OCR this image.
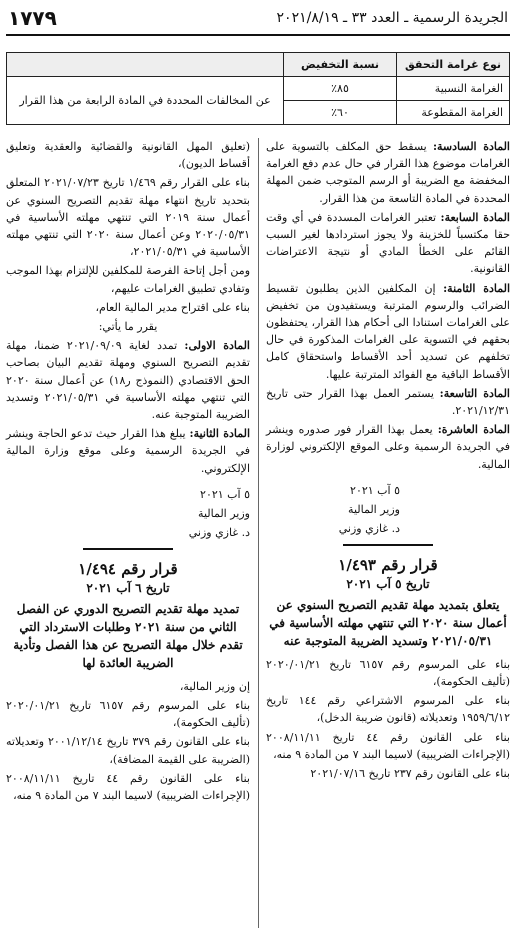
الجريدة الرسمية ـ العدد ٣٣ ـ ٢٠٢١/٨/١٩
١٧٧٩
نوع غرامة التحقق	نسبة التخفيض	
الغرامة النسبية	٨٥٪	عن المخالفات المحددة في المادة الرابعة من هذا القرار
الغرامة المقطوعة	٦٠٪	

المادة السادسة: يسقط حق المكلف بالتسوية على الغرامات موضوع هذا القرار في حال عدم دفع الغرامة المخفضة مع الضريبة أو الرسم المتوجب ضمن المهلة المحددة في المادة التاسعة من هذا القرار.

المادة السابعة: تعتبر الغرامات المسددة في أي وقت حقا مكتسباً للخزينة ولا يجوز استردادها لغير السبب القائم على الخطأ المادي أو نتيجة الاعتراضات القانونية.

المادة الثامنة: إن المكلفين الذين يطلبون تقسيط الضرائب والرسوم المترتبة ويستفيدون من تخفيض على الغرامات استنادا الى أحكام هذا القرار، يحتفظون بحقهم في التسوية على الغرامات المذكورة في حال تخلفهم عن تسديد أحد الأقساط واستحقاق كامل الأقساط الباقية مع الفوائد المترتبة عليها.

المادة التاسعة: يستمر العمل بهذا القرار حتى تاريخ ٢٠٢١/١٢/٣١.

المادة العاشرة: يعمل بهذا القرار فور صدوره وينشر في الجريدة الرسمية وعلى الموقع الإلكتروني لوزارة المالية.

٥ آب ٢٠٢١
وزير المالية
د. غازي وزني
قرار رقم ١/٤٩٣
تاريخ ٥ آب ٢٠٢١
يتعلق بتمديد مهلة تقديم التصريح السنوي عن أعمال سنة ٢٠٢٠ التي تنتهي مهلته الأساسية في ٢٠٢١/٠٥/٣١ وتسديد الضريبة المتوجبة عنه

بناء على المرسوم رقم ٦١٥٧ تاريخ ٢٠٢٠/٠١/٢١ (تأليف الحكومة)،

بناء على المرسوم الاشتراعي رقم ١٤٤ تاريخ ١٩٥٩/٦/١٢ وتعديلاته (قانون ضريبة الدخل)،

بناء على القانون رقم ٤٤ تاريخ ٢٠٠٨/١١/١١ (الإجراءات الضريبية) لاسيما البند ٧ من المادة ٩ منه،

بناء على القانون رقم ٢٣٧ تاريخ ٢٠٢١/٠٧/١٦

(تعليق المهل القانونية والقضائية والعقدية وتعليق أقساط الديون)،

بناء على القرار رقم ١/٤٦٩ تاريخ ٢٠٢١/٠٧/٢٣ المتعلق بتحديد تاريخ انتهاء مهلة تقديم التصريح السنوي عن أعمال سنة ٢٠١٩ التي تنتهي مهلته الأساسية في ٢٠٢٠/٠٥/٣١ وعن أعمال سنة ٢٠٢٠ التي تنتهي مهلته الأساسية في ٢٠٢١/٠٥/٣١،

ومن أجل إتاحة الفرصة للمكلفين للإلتزام بهذا الموجب وتفادي تطبيق الغرامات عليهم،

بناء على اقتراح مدير المالية العام،

يقرر ما يأتي:

المادة الاولى: تمدد لغاية ٢٠٢١/٠٩/٠٩ ضمنا، مهلة تقديم التصريح السنوي ومهلة تقديم البيان بصاحب الحق الاقتصادي (النموذج ر١٨) عن أعمال سنة ٢٠٢٠ التي تنتهي مهلته الأساسية في ٢٠٢١/٠٥/٣١ وتسديد الضريبة المتوجبة عنه.

المادة الثانية: يبلغ هذا القرار حيث تدعو الحاجة وينشر في الجريدة الرسمية وعلى موقع وزارة المالية الإلكتروني.

٥ آب ٢٠٢١
وزير المالية
د. غازي وزني
قرار رقم ١/٤٩٤
تاريخ ٦ آب ٢٠٢١
تمديد مهلة تقديم التصريح الدوري عن الفصل الثاني من سنة ٢٠٢١ وطلبات الاسترداد التي تقدم خلال مهلة التصريح عن هذا الفصل وتأدية الضريبة العائدة لها

إن وزير المالية،

بناء على المرسوم رقم ٦١٥٧ تاريخ ٢٠٢٠/٠١/٢١ (تأليف الحكومة)،

بناء على القانون رقم ٣٧٩ تاريخ ٢٠٠١/١٢/١٤ وتعديلاته (الضريبة على القيمة المضافة)،

بناء على القانون رقم ٤٤ تاريخ ٢٠٠٨/١١/١١ (الإجراءات الضريبية) لاسيما البند ٧ من المادة ٩ منه،
